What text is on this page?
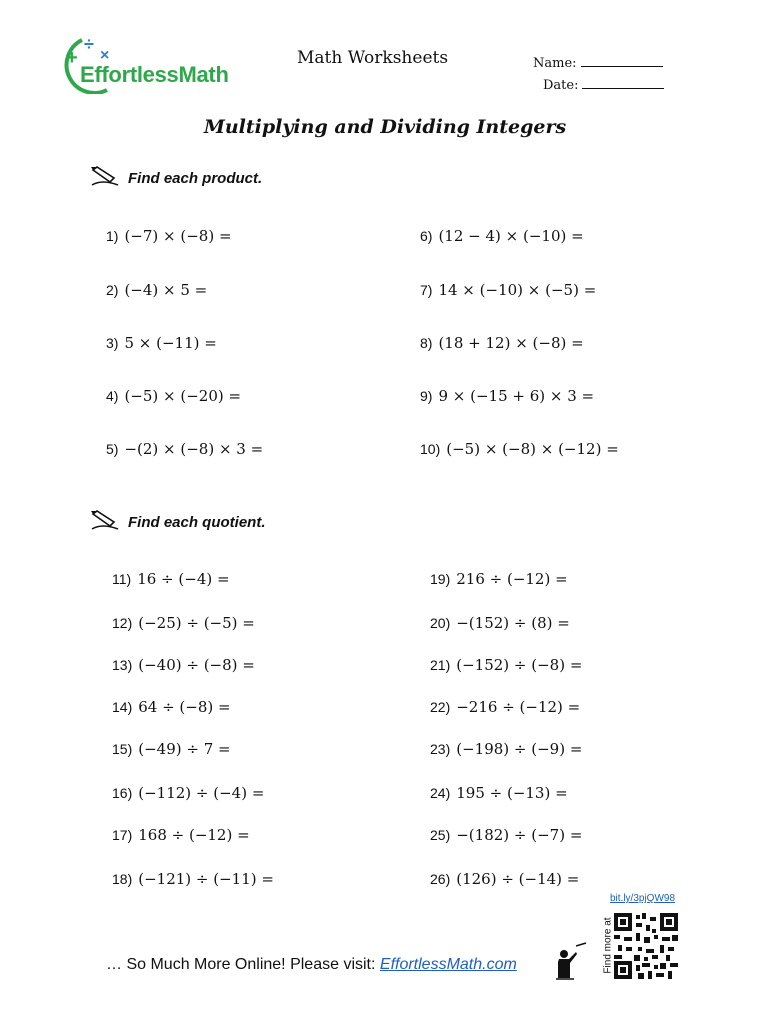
+
÷
×
EffortlessMath
Math Worksheets	Name:
Date:
Multiplying and Dividing Integers
Find each product.
1) (−7) × (−8) =
2) (−4) × 5 =
3) 5 × (−11) =
4) (−5) × (−20) =
5) −(2) × (−8) × 3 =
6) (12 − 4) × (−10) =
7) 14 × (−10) × (−5) =
8) (18 + 12) × (−8) =
9) 9 × (−15 + 6) × 3 =
10) (−5) × (−8) × (−12) =
Find each quotient.
11) 16 ÷ (−4) =
12) (−25) ÷ (−5) =
13) (−40) ÷ (−8) =
14) 64 ÷ (−8) =
15) (−49) ÷ 7 =
16) (−112) ÷ (−4) =
17) 168 ÷ (−12) =
18) (−121) ÷ (−11) =
19) 216 ÷ (−12) =
20) −(152) ÷ (8) =
21) (−152) ÷ (−8) =
22) −216 ÷ (−12) =
23) (−198) ÷ (−9) =
24) 195 ÷ (−13) =
25) −(182) ÷ (−7) =
26) (126) ÷ (−14) =
bit.ly/3pjQW98
Find more at
… So Much More Online! Please visit: EffortlessMath.com
